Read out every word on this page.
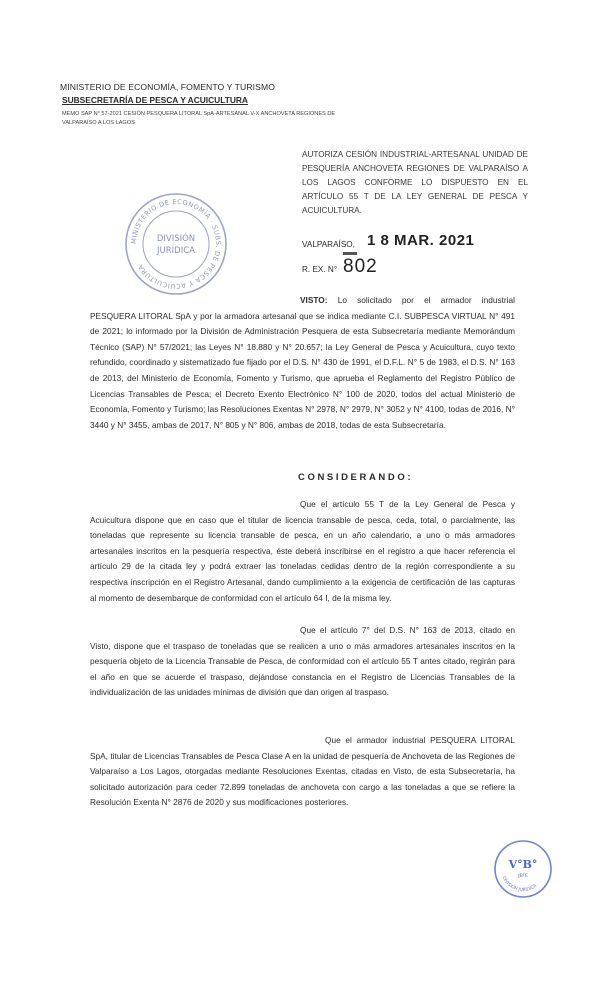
MINISTERIO DE ECONOMÍA, FOMENTO Y TURISMO
SUBSECRETARÍA DE PESCA Y ACUICULTURA
MEMO SAP N° 57-2021 CESIÓN PESQUERA LITORAL SpA-ARTESANAL V-X ANCHOVETA REGIONES DE VALPARAÍSO A LOS LAGOS
AUTORIZA CESIÓN INDUSTRIAL-ARTESANAL UNIDAD DE PESQUERÍA ANCHOVETA REGIONES DE VALPARAÍSO A LOS LAGOS CONFORME LO DISPUESTO EN EL ARTÍCULO 55 T DE LA LEY GENERAL DE PESCA Y ACUICULTURA.
MINISTERIO DE ECONOMÍA · SUBS. DE PESCA Y ACUICULTURA
DIVISIÓN
JURÍDICA
VALPARAÍSO, 1 8 MAR. 2021
R. EX. N° 802
VISTO: Lo solicitado por el armador industrial PESQUERA LITORAL SpA y por la armadora artesanal que se indica mediante C.I. SUBPESCA VIRTUAL N° 491 de 2021; lo informado por la División de Administración Pesquera de esta Subsecretaría mediante Memorándum Técnico (SAP) N° 57/2021; las Leyes N° 18.880 y N° 20.657; la Ley General de Pesca y Acuicultura, cuyo texto refundido, coordinado y sistematizado fue fijado por el D.S. N° 430 de 1991, el D.F.L. N° 5 de 1983, el D.S. N° 163 de 2013, del Ministerio de Economía, Fomento y Turismo, que aprueba el Reglamento del Registro Público de Licencias Transables de Pesca; el Decreto Exento Electrónico N° 100 de 2020, todos del actual Ministerio de Economía, Fomento y Turismo; las Resoluciones Exentas N° 2978, N° 2979, N° 3052 y N° 4100, todas de 2016, N° 3440 y N° 3455, ambas de 2017, N° 805 y N° 806, ambas de 2018, todas de esta Subsecretaría.
CONSIDERANDO:
Que el artículo 55 T de la Ley General de Pesca y Acuicultura dispone que en caso que el titular de licencia transable de pesca, ceda, total, o parcialmente, las toneladas que represente su licencia transable de pesca, en un año calendario, a uno o más armadores artesanales inscritos en la pesquería respectiva, éste deberá inscribirse en el registro a que hacer referencia el artículo 29 de la citada ley y podrá extraer las toneladas cedidas dentro de la región correspondiente a su respectiva inscripción en el Registro Artesanal, dando cumplimiento a la exigencia de certificación de las capturas al momento de desembarque de conformidad con el artículo 64 I, de la misma ley.
Que el artículo 7° del D.S. N° 163 de 2013, citado en Visto, dispone que el traspaso de toneladas que se realicen a uno o más armadores artesanales inscritos en la pesquería objeto de la Licencia Transable de Pesca, de conformidad con el artículo 55 T antes citado, regirán para el año en que se acuerde el traspaso, dejándose constancia en el Registro de Licencias Transables de la individualización de las unidades mínimas de división que dan origen al traspaso.
Que el armador industrial PESQUERA LITORAL SpA, titular de Licencias Transables de Pesca Clase A en la unidad de pesquería de Anchoveta de las Regiones de Valparaíso a Los Lagos, otorgadas mediante Resoluciones Exentas, citadas en Visto, de esta Subsecretaría, ha solicitado autorización para ceder 72.899 toneladas de anchoveta con cargo a las toneladas a que se refiere la Resolución Exenta N° 2876 de 2020 y sus modificaciones posteriores.
V°B°
JEFE
DIVISIÓN JURÍDICA
